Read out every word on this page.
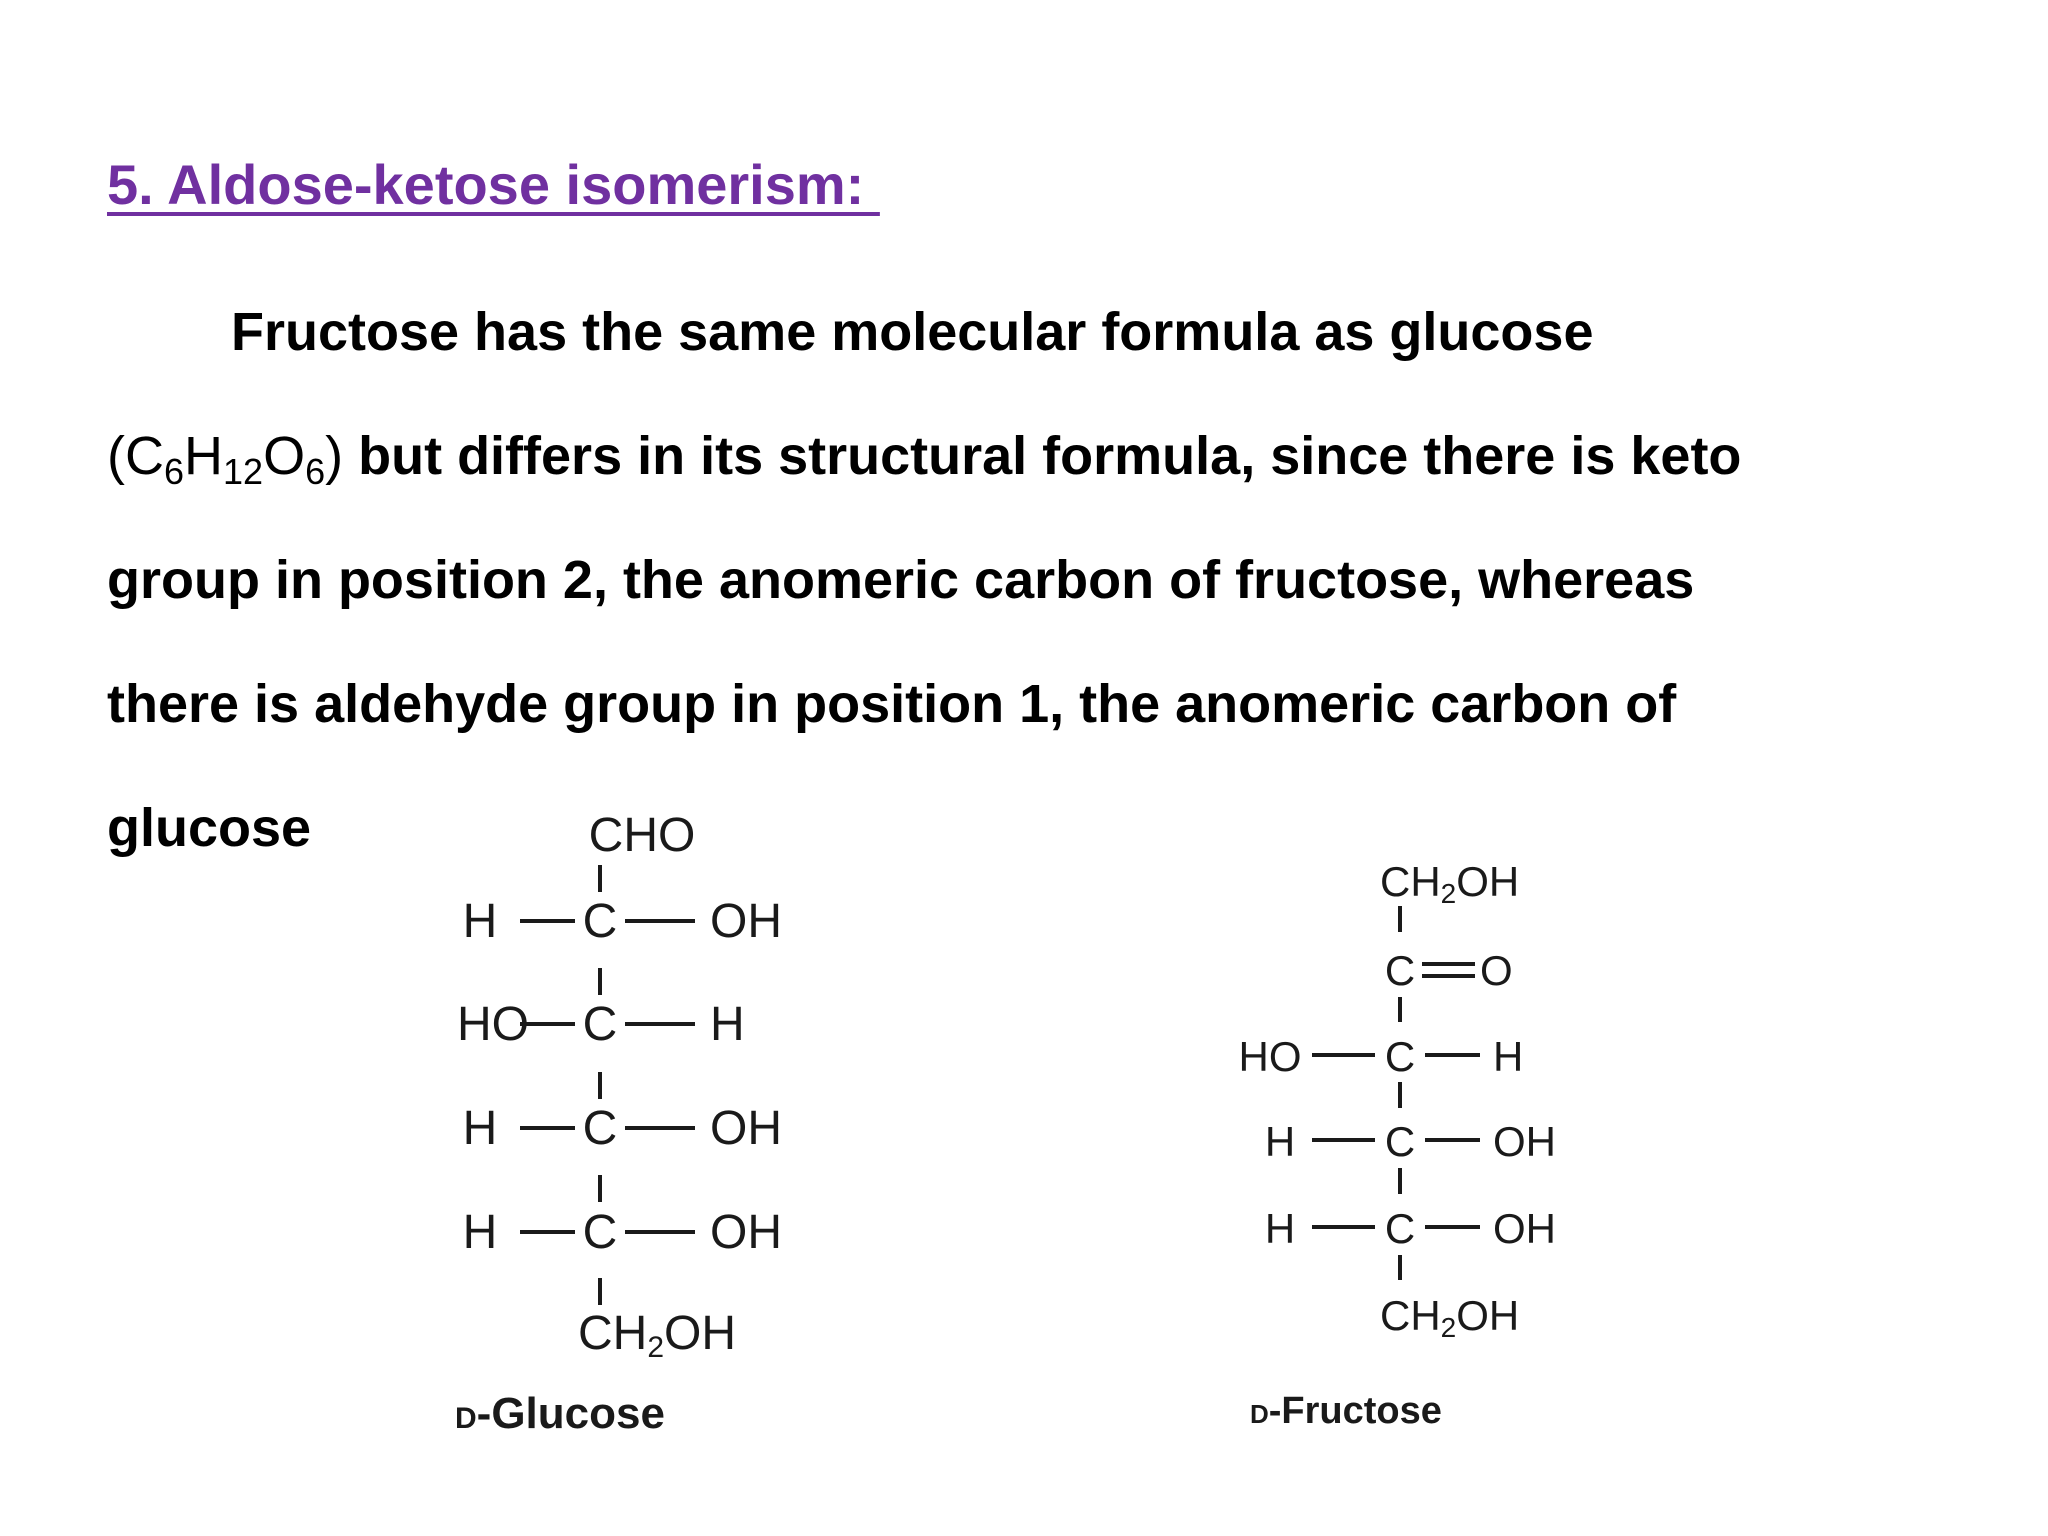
5. Aldose-ketose isomerism:
Fructose has the same molecular formula as glucose
$(C_6H_{12}O_6)$ but differs in its structural formula, since there is keto
group in position 2, the anomeric carbon of fructose, whereas
there is aldehyde group in position 1, the anomeric carbon of
glucose	CHO
H C OH
HO C H
H C OH
H C OH
CH2OH
D-Glucose
CH2OH
C O
HO C H
H C OH
H C OH
CH2OH
D-Fructose
